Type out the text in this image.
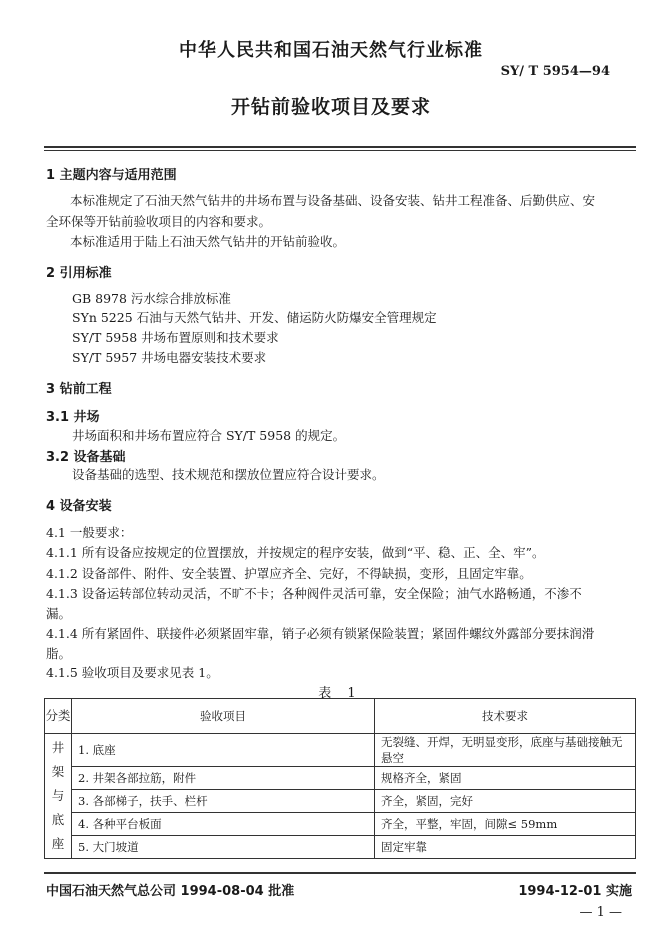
中华人民共和国石油天然气行业标准
SY/ T 5954—94
开钻前验收项目及要求
1 主题内容与适用范围
本标准规定了石油天然气钻井的井场布置与设备基础、设备安装、钻井工程准备、后勤供应、安
全环保等开钻前验收项目的内容和要求。
本标准适用于陆上石油天然气钻井的开钻前验收。
2 引用标准
GB 8978 污水综合排放标准
SYn 5225 石油与天然气钻井、开发、储运防火防爆安全管理规定
SY/T 5958 井场布置原则和技术要求
SY/T 5957 井场电器安装技术要求
3 钻前工程
3.1 井场
井场面积和井场布置应符合 SY/T 5958 的规定。
3.2 设备基础
设备基础的选型、技术规范和摆放位置应符合设计要求。
4 设备安装
4.1 一般要求：
4.1.1 所有设备应按规定的位置摆放，并按规定的程序安装，做到“平、稳、正、全、牢”。
4.1.2 设备部件、附件、安全装置、护罩应齐全、完好，不得缺损，变形，且固定牢靠。
4.1.3 设备运转部位转动灵活，不旷不卡；各种阀件灵活可靠，安全保险；油气水路畅通，不渗不
漏。
4.1.4 所有紧固件、联接件必须紧固牢靠，销子必须有锁紧保险装置；紧固件螺纹外露部分要抹润滑
脂。
4.1.5 验收项目及要求见表 1。
表 1
分类	验收项目	技术要求

井
架
与
底
座	1. 底座	无裂缝、开焊，无明显变形，底座与基础接触无悬空
	2. 井架各部拉筋，附件	规格齐全，紧固
	3. 各部梯子，扶手、栏杆	齐全，紧固，完好
	4. 各种平台板面	齐全，平整，牢固，间隙≤ 59mm
	5. 大门坡道	固定牢靠
中国石油天然气总公司 1994-08-04 批准	1994-12-01 实施
— 1 —
